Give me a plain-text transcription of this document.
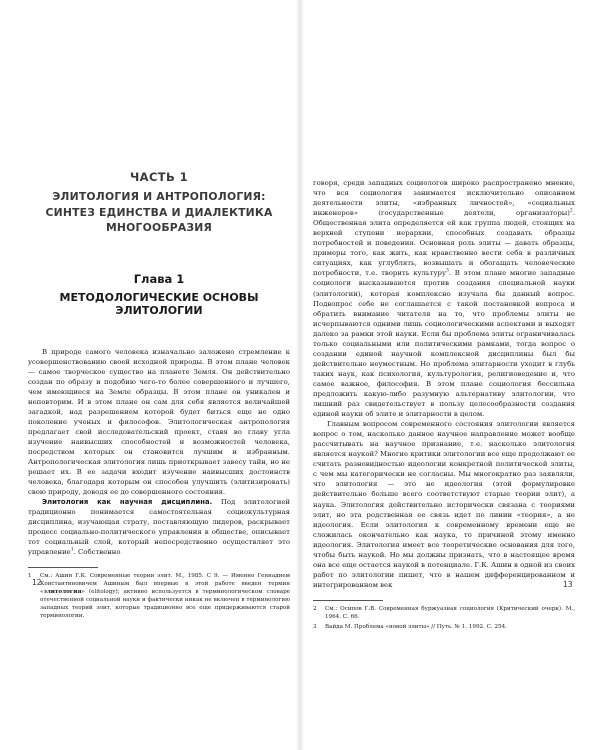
ЧАСТЬ 1
ЭЛИТОЛОГИЯ И АНТРОПОЛОГИЯ:
СИНТЕЗ ЕДИНСТВА И ДИАЛЕКТИКА
МНОГООБРАЗИЯ
Глава 1
МЕТОДОЛОГИЧЕСКИЕ ОСНОВЫ ЭЛИТОЛОГИИ

В природе самого человека изначально заложено стремление к усовершенствованию своей исходной природы. В этом плане человек — самое творческое существо на планете Земля. Он действительно создан по образу и подобию чего-то более совершенного и лучшего, чем имеющиеся на Земле образцы. В этом плане он уникален и неповторим. И в этом плане он сам для себя является величайшей загадкой, над разрешением которой будет биться еще не одно поколение ученых и философов. Элитологическая антропология предлагает свой исследовательский проект, ставя во главу угла изучение наивысших способностей и возможностей человека, посредством которых он становится лучшим и избранным. Антропологическая элитология лишь приоткрывает завесу тайн, но не решает их. В ее задачи входит изучение наивысших достоинств человека, благодаря которым он способен улучшить (элитизировать) свою природу, доводя ее до совершенного состояния.

Элитология как научная дисциплина. Под элитологией традиционно понимается самостоятельная социокультурная дисциплина, изучающая страту, поставляющую лидеров, раскрывает процесс социально-политического управления в обществе, описывает тот социальный слой, который непосредственно осуществляет это управление$^1$. Собственно

1 См.: Ашин Г.К. Современные теории элит. М., 1985. С 9. — Именно Геннадием Константиновичем Ашиным был впервые в этой работе введен термин «элитология» (elitology); активно используется в терминологическом словаре отечественной социальной науки и фактически никак не включен в терминологию западных теорий элит, которые традиционно все еще придерживаются старой терминологии.

12

говоря, среди западных социологов широко распространено мнение, что вся социология занимается исключительно описанием деятельности элиты, «избранных личностей», «социальных инженеров» (государственные деятели, организаторы)$^2$. Общественная элита определяется ей как группа людей, стоящих на верхней ступени иерархии, способных создавать образцы потребностей и поведения. Основная роль элиты — давать образцы, примеры того, как жить, как нравственно вести себя в различных ситуациях, как углублять, возвышать и обогащать человеческие потребности, т.е. творить культуру$^3$. В этом плане многие западные социологи высказываются против создания специальной науки (элитологии), которая комплексно изучала бы данный вопрос. Подвопрос себе не соглашается с такой постановкой вопроса и обратить внимание читателя на то, что проблемы элиты не исчерпываются одними лишь социологическими аспектами и выходят далеко за рамки этой науки. Если бы проблема элиты ограничивалась только социальными или политическими рамками, тогда вопрос о создании единой научной комплексной дисциплины был бы действительно неуместным. Но проблема элитарности уходит в глубь таких наук, как психология, культурология, религиоведение и, что самое важное, философия. В этом плане социология бессильна предложить какую-либо разумную альтернативу элитологии, что лишний раз свидетельствует в пользу целесообразности создания единой науки об элите и элитарности в целом.

Главным вопросом современного состояния элитологии является вопрос о том, насколько данное научное направление может вообще рассчитывать на научное признание, т.е. насколько элитология является наукой? Многие критики элитологии все еще продолжают ее считать разновидностью идеологии конкретной политической элиты, с чем мы категорически не согласны. Мы многократно раз заявляли, что элитология — это не идеология (этой формулировке действительно больше всего соответствуют старые теории элит), а наука. Элитология действительно исторически связана с теориями элит, но эта родственная ее связь идет по линии «теория», а не идеология. Если элитология к современному времени еще не сложилась окончательно как наука, то причиной этому именно идеология. Элитология имеет все теоретические основания для того, чтобы быть наукой. Но мы должны признать, что в настоящее время она все еще остается наукой в потенциале. Г.К. Ашин в одной из своих работ по элитологии пишет, что в нашем дифференцированном и интегрированном век

2 См.: Осипов Г.В. Современная буржуазная социология (Критический очерк). М., 1964. С. 66.

3 Вайда М. Проблема «новой элиты» // Путь. № 1. 1992. С. 254.

13
